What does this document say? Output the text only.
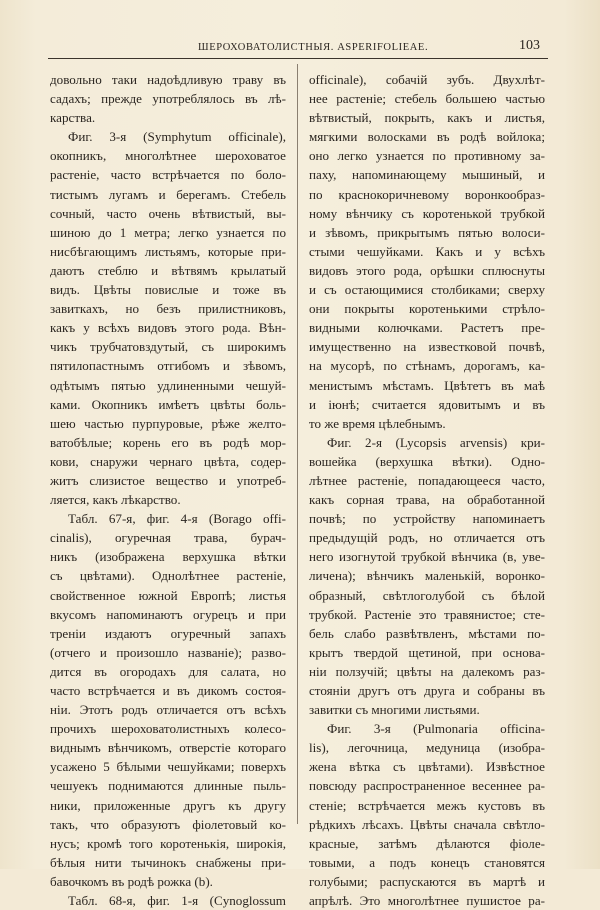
ШЕРОХОВАТОЛИСТНЫЯ. ASPERIFOLIEAE.	103
довольно таки надоѣдливую траву въ
садахъ; прежде употреблялось въ лѣ-
карства.
Фиг. 3-я (Symphytum officinale),
окопникъ, многолѣтнее шероховатое
растеніе, часто встрѣчается по боло-
тистымъ лугамъ и берегамъ. Стебель
сочный, часто очень вѣтвистый, вы-
шиною до 1 метра; легко узнается по
нисбѣгающимъ листьямъ, которые при-
даютъ стеблю и вѣтвямъ крылатый
видъ. Цвѣты повислые и тоже въ
завиткахъ, но безъ прилистниковъ,
какъ у всѣхъ видовъ этого рода. Вѣн-
чикъ трубчатовздутый, съ широкимъ
пятилопастнымъ отгибомъ и зѣвомъ,
одѣтымъ пятью удлиненными чешуй-
ками. Окопникъ имѣетъ цвѣты боль-
шею частью пурпуровые, рѣже желто-
ватобѣлые; корень его въ родѣ мор-
кови, снаружи чернаго цвѣта, содер-
житъ слизистое вещество и употреб-
ляется, какъ лѣкарство.
Табл. 67-я, фиг. 4-я (Borago offi-
cinalis), огуречная трава, бурач-
никъ (изображена верхушка вѣтки
съ цвѣтами). Однолѣтнее растеніе,
свойственное южной Европѣ; листья
вкусомъ напоминаютъ огурецъ и при
треніи издаютъ огуречный запахъ
(отчего и произошло названіе); разво-
дится въ огородахъ для салата, но
часто встрѣчается и въ дикомъ состоя-
ніи. Этотъ родъ отличается отъ всѣхъ
прочихъ шероховатолистныхъ колесо-
виднымъ вѣнчикомъ, отверстіе котораго
усажено 5 бѣлыми чешуйками; поверхъ
чешуекъ поднимаются длинные пыль-
ники, приложенные другъ къ другу
такъ, что образуютъ фіолетовый ко-
нусъ; кромѣ того коротенькія, широкія,
бѣлыя нити тычинокъ снабжены при-
бавочкомъ въ родѣ рожка (b).
Табл. 68-я, фиг. 1-я (Cynoglossum
officinale), собачій зубъ. Двухлѣт-
нее растеніе; стебель большею частью
вѣтвистый, покрыть, какъ и листья,
мягкими волосками въ родѣ войлока;
оно легко узнается по противному за-
паху, напоминающему мышиный, и
по краснокоричневому воронкообраз-
ному вѣнчику съ коротенькой трубкой
и зѣвомъ, прикрытымъ пятью волоси-
стыми чешуйками. Какъ и у всѣхъ
видовъ этого рода, орѣшки сплюснуты
и съ остающимися столбиками; сверху
они покрыты коротенькими стрѣло-
видными колючками. Растетъ пре-
имущественно на известковой почвѣ,
на мусорѣ, по стѣнамъ, дорогамъ, ка-
менистымъ мѣстамъ. Цвѣтетъ въ маѣ
и іюнѣ; считается ядовитымъ и въ
то же время цѣлебнымъ.
Фиг. 2-я (Lycopsis arvensis) кри-
вошейка (верхушка вѣтки). Одно-
лѣтнее растеніе, попадающееся часто,
какъ сорная трава, на обработанной
почвѣ; по устройству напоминаетъ
предыдущій родъ, но отличается отъ
него изогнутой трубкой вѣнчика (в, уве-
личена); вѣнчикъ маленькій, воронко-
образный, свѣтлоголубой съ бѣлой
трубкой. Растеніе это травянистое; сте-
бель слабо развѣтвленъ, мѣстами по-
крытъ твердой щетиной, при основа-
ніи ползучій; цвѣты на далекомъ раз-
стояніи другъ отъ друга и собраны въ
завитки съ многими листьями.
Фиг. 3-я (Pulmonaria officina-
lis), легочница, медуница (изобра-
жена вѣтка съ цвѣтами). Извѣстное
повсюду распространенное весеннее ра-
стеніе; встрѣчается межъ кустовъ въ
рѣдкихъ лѣсахъ. Цвѣты сначала свѣтло-
красные, затѣмъ дѣлаются фіоле-
товыми, а подъ конецъ становятся
голубыми; распускаются въ мартѣ и
апрѣлѣ. Это многолѣтнее пушистое ра-
